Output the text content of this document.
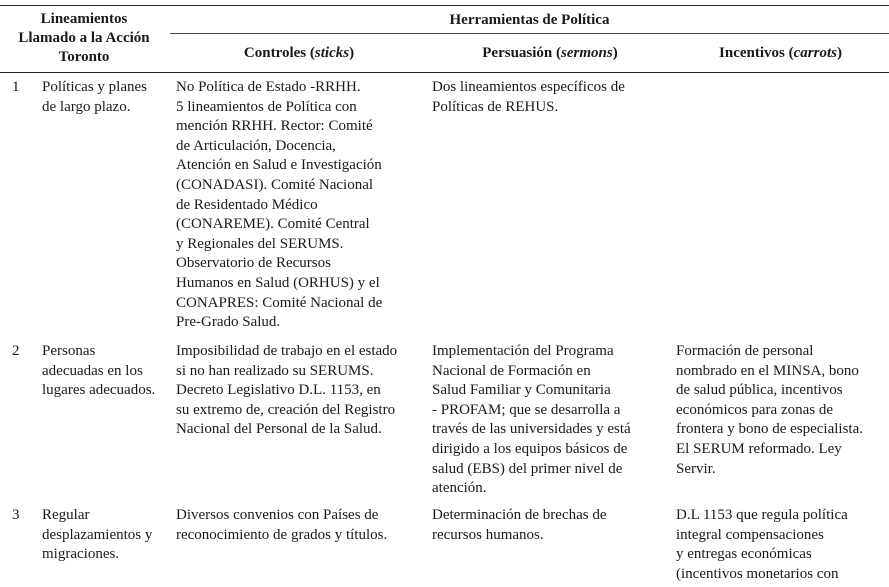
Lineamientos
Llamado a la Acción
Toronto
Herramientas de Política
Controles (sticks)	Persuasión (sermons)	Incentivos (carrots)
1 Políticas y planes
de largo plazo.
No Política de Estado -RRHH.
5 lineamientos de Política con
mención RRHH. Rector: Comité
de Articulación, Docencia,
Atención en Salud e Investigación
(CONADASI). Comité Nacional
de Residentado Médico
(CONAREME). Comité Central
y Regionales del SERUMS.
Observatorio de Recursos
Humanos en Salud (ORHUS) y el
CONAPRES: Comité Nacional de
Pre-Grado Salud.
Dos lineamientos específicos de
Políticas de REHUS.
2 Personas
adecuadas en los
lugares adecuados.
Imposibilidad de trabajo en el estado
si no han realizado su SERUMS.
Decreto Legislativo D.L. 1153, en
su extremo de, creación del Registro
Nacional del Personal de la Salud.
Implementación del Programa
Nacional de Formación en
Salud Familiar y Comunitaria
- PROFAM; que se desarrolla a
través de las universidades y está
dirigido a los equipos básicos de
salud (EBS) del primer nivel de
atención.
Formación de personal
nombrado en el MINSA, bono
de salud pública, incentivos
económicos para zonas de
frontera y bono de especialista.
El SERUM reformado. Ley
Servir.
3 Regular
desplazamientos y
migraciones.
Diversos convenios con Países de
reconocimiento de grados y títulos.
Determinación de brechas de
recursos humanos.
D.L 1153 que regula política
integral compensaciones
y entregas económicas
(incentivos monetarios con
